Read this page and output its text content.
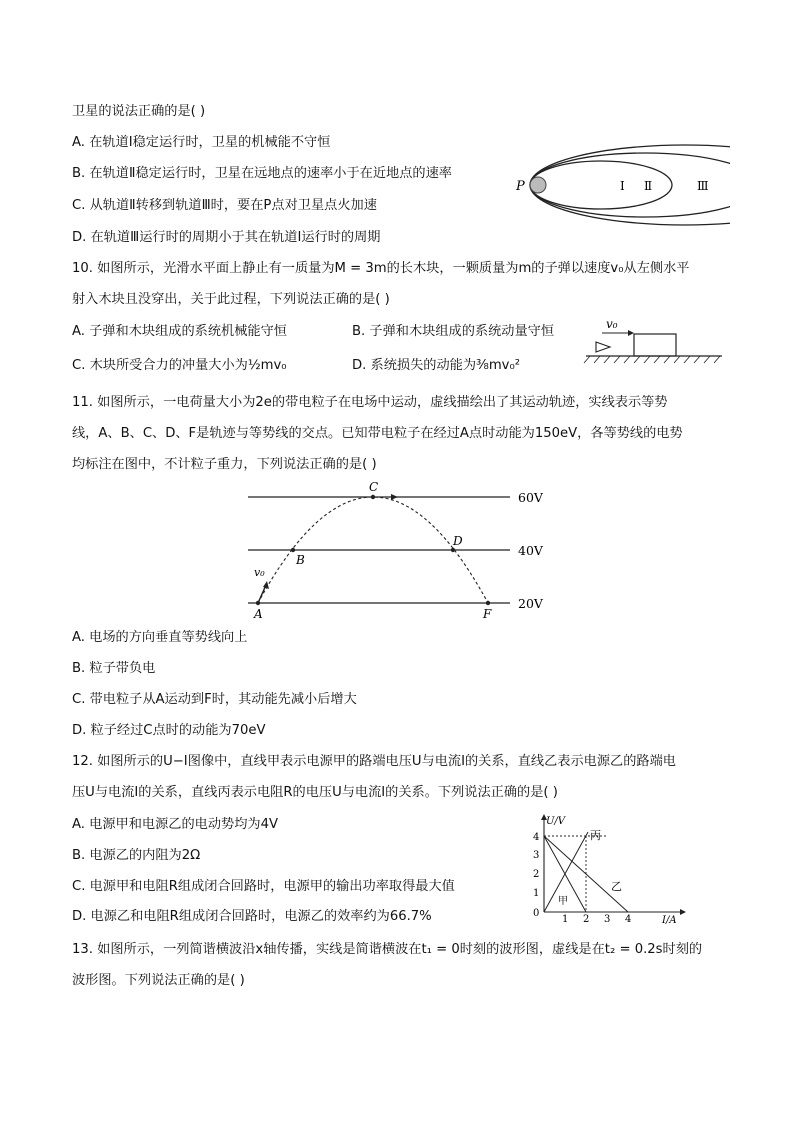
卫星的说法正确的是( )
A. 在轨道Ⅰ稳定运行时，卫星的机械能不守恒
B. 在轨道Ⅱ稳定运行时，卫星在远地点的速率小于在近地点的速率
C. 从轨道Ⅱ转移到轨道Ⅲ时，要在P点对卫星点火加速
D. 在轨道Ⅲ运行时的周期小于其在轨道Ⅰ运行时的周期
P	Ⅰ Ⅱ	Ⅲ
10. 如图所示，光滑水平面上静止有一质量为M = 3m的长木块，一颗质量为m的子弹以速度v₀从左侧水平
射入木块且没穿出，关于此过程，下列说法正确的是( )
A. 子弹和木块组成的系统机械能守恒	B. 子弹和木块组成的系统动量守恒
C. 木块所受合力的冲量大小为½mv₀	D. 系统损失的动能为⅜mv₀²
v₀
11. 如图所示，一电荷量大小为2e的带电粒子在电场中运动，虚线描绘出了其运动轨迹，实线表示等势
线，A、B、C、D、F是轨迹与等势线的交点。已知带电粒子在经过A点时动能为150eV，各等势线的电势
均标注在图中，不计粒子重力，下列说法正确的是( )
60V
40V
20V
A
B
C
D
F
v₀
A. 电场的方向垂直等势线向上
B. 粒子带负电
C. 带电粒子从A运动到F时，其动能先减小后增大
D. 粒子经过C点时的动能为70eV
12. 如图所示的U−I图像中，直线甲表示电源甲的路端电压U与电流I的关系，直线乙表示电源乙的路端电
压U与电流I的关系，直线丙表示电阻R的电压U与电流I的关系。下列说法正确的是( )
A. 电源甲和电源乙的电动势均为4V
B. 电源乙的内阻为2Ω
C. 电源甲和电阻R组成闭合回路时，电源甲的输出功率取得最大值
D. 电源乙和电阻R组成闭合回路时，电源乙的效率约为66.7%
U/V
I/A
4
3
2
1
0
1 2 3 4
甲
乙
丙
13. 如图所示，一列简谐横波沿x轴传播，实线是简谐横波在t₁ = 0时刻的波形图，虚线是在t₂ = 0.2s时刻的
波形图。下列说法正确的是( )
